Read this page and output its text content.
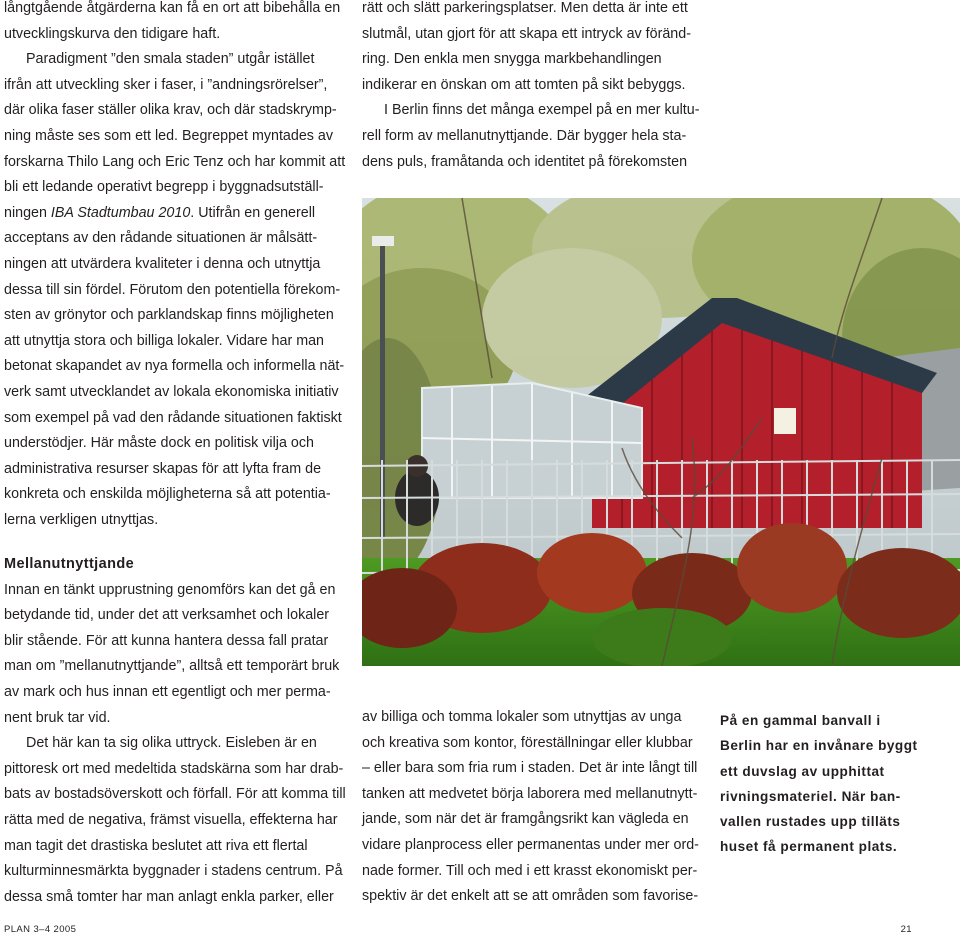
långtgående åtgärderna kan få en ort att bibehålla en
utvecklingskurva den tidigare haft.
Paradigment ”den smala staden” utgår istället
ifrån att utveckling sker i faser, i ”andningsrörelser”,
där olika faser ställer olika krav, och där stadskrymp-
ning måste ses som ett led. Begreppet myntades av
forskarna Thilo Lang och Eric Tenz och har kommit att
bli ett ledande operativt begrepp i byggnadsutställ-
ningen IBA Stadtumbau 2010. Utifrån en generell
acceptans av den rådande situationen är målsätt-
ningen att utvärdera kvaliteter i denna och utnyttja
dessa till sin fördel. Förutom den potentiella förekom-
sten av grönytor och parklandskap finns möjligheten
att utnyttja stora och billiga lokaler. Vidare har man
betonat skapandet av nya formella och informella nät-
verk samt utvecklandet av lokala ekonomiska initiativ
som exempel på vad den rådande situationen faktiskt
understödjer. Här måste dock en politisk vilja och
administrativa resurser skapas för att lyfta fram de
konkreta och enskilda möjligheterna så att potentia-
lerna verkligen utnyttjas.
Mellanutnyttjande
Innan en tänkt upprustning genomförs kan det gå en
betydande tid, under det att verksamhet och lokaler
blir stående. För att kunna hantera dessa fall pratar
man om ”mellanutnyttjande”, alltså ett temporärt bruk
av mark och hus innan ett egentligt och mer perma-
nent bruk tar vid.
Det här kan ta sig olika uttryck. Eisleben är en
pittoresk ort med medeltida stadskärna som har drab-
bats av bostadsöverskott och förfall. För att komma till
rätta med de negativa, främst visuella, effekterna har
man tagit det drastiska beslutet att riva ett flertal
kulturminnesmärkta byggnader i stadens centrum. På
dessa små tomter har man anlagt enkla parker, eller
rätt och slätt parkeringsplatser. Men detta är inte ett
slutmål, utan gjort för att skapa ett intryck av föränd-
ring. Den enkla men snygga markbehandlingen
indikerar en önskan om att tomten på sikt bebyggs.
I Berlin finns det många exempel på en mer kultu-
rell form av mellanutnyttjande. Där bygger hela sta-
dens puls, framåtanda och identitet på förekomsten
av billiga och tomma lokaler som utnyttjas av unga
och kreativa som kontor, föreställningar eller klubbar
– eller bara som fria rum i staden. Det är inte långt till
tanken att medvetet börja laborera med mellanutnytt-
jande, som när det är framgångsrikt kan vägleda en
vidare planprocess eller permanentas under mer ord-
nade former. Till och med i ett krasst ekonomiskt per-
spektiv är det enkelt att se att områden som favorise-
På en gammal banvall i
Berlin har en invånare byggt
ett duvslag av upphittat
rivningsmateriel. När ban-
vallen rustades upp tilläts
huset få permanent plats.
PLAN 3–4 2005	21
